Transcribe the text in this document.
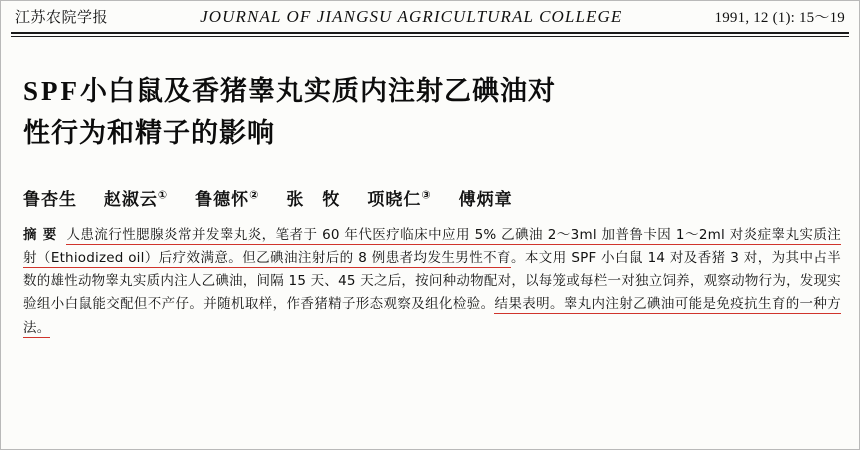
江苏农院学报	JOURNAL OF JIANGSU AGRICULTURAL COLLEGE	1991, 12 (1): 15～19
SPF小白鼠及香猪睾丸实质内注射乙碘油对
性行为和精子的影响
鲁杏生 赵淑云① 鲁德怀② 张　牧 项晓仁③ 傅炳章
摘要 人患流行性腮腺炎常并发睾丸炎，笔者于 60 年代医疗临床中应用 5% 乙碘油 2～3ml 加普鲁卡因 1～2ml 对炎症睾丸实质注射（Ethiodized oil）后疗效满意。但乙碘油注射后的 8 例患者均发生男性不育。本文用 SPF 小白鼠 14 对及香猪 3 对，为其中占半数的雄性动物睾丸实质内注人乙碘油，间隔 15 天、45 天之后，按问种动物配对，以每笼或每栏一对独立饲养，观察动物行为，发现实验组小白鼠能交配但不产仔。并随机取样，作香猪精子形态观察及组化检验。结果表明。睾丸内注射乙碘油可能是免疫抗生育的一种方法。
